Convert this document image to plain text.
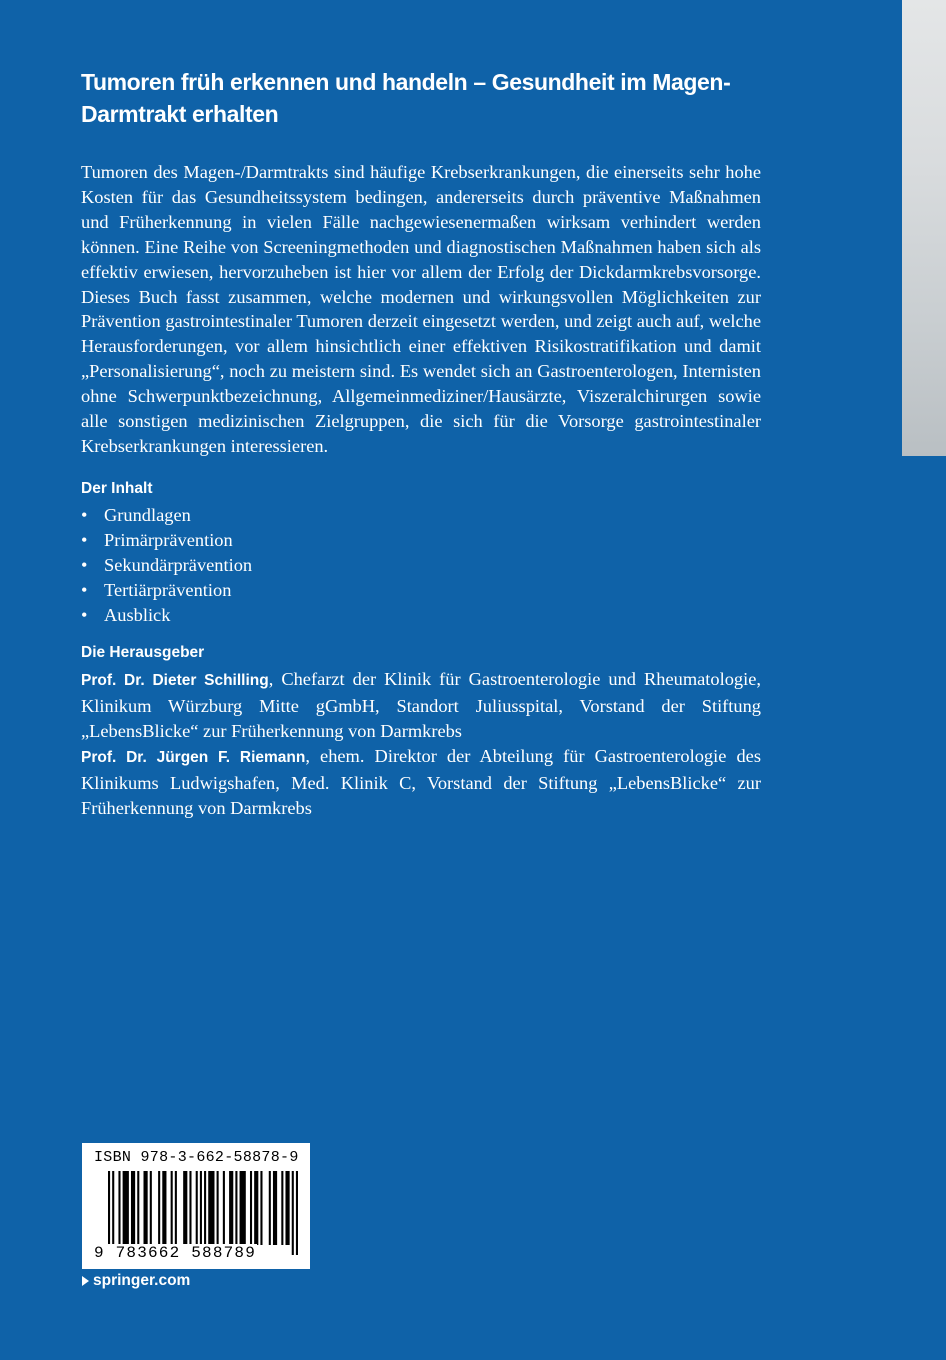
Tumoren früh erkennen und handeln – Gesundheit im Magen-Darmtrakt erhalten

Tumoren des Magen-/Darmtrakts sind häufige Krebserkrankungen, die einerseits sehr hohe Kosten für das Gesundheitssystem bedingen, andererseits durch präventive Maßnahmen und Früherkennung in vielen Fälle nachgewiesenermaßen wirksam verhindert werden können. Eine Reihe von Screeningmethoden und diagnostischen Maßnahmen haben sich als effektiv erwiesen, hervorzuheben ist hier vor allem der Erfolg der Dickdarmkrebsvorsorge. Dieses Buch fasst zusammen, welche modernen und wirkungsvollen Möglichkeiten zur Prävention gastrointestinaler Tumoren derzeit eingesetzt werden, und zeigt auch auf, welche Herausforderungen, vor allem hinsichtlich einer effektiven Risikostratifikation und damit „Personalisierung“, noch zu meistern sind. Es wendet sich an Gastroenterologen, Internisten ohne Schwerpunktbezeichnung, Allgemeinmediziner/Hausärzte, Viszeralchirurgen sowie alle sonstigen medizinischen Zielgruppen, die sich für die Vorsorge gastrointestinaler Krebserkrankungen interessieren.

Der Inhalt
• Grundlagen
• Primärprävention
• Sekundärprävention
• Tertiärprävention
• Ausblick
Die Herausgeber

Prof. Dr. Dieter Schilling, Chefarzt der Klinik für Gastroenterologie und Rheumatologie, Klinikum Würzburg Mitte gGmbH, Standort Juliusspital, Vorstand der Stiftung „LebensBlicke“ zur Früherkennung von Darmkrebs

Prof. Dr. Jürgen F. Riemann, ehem. Direktor der Abteilung für Gastroenterologie des Klinikums Ludwigshafen, Med. Klinik C, Vorstand der Stiftung „LebensBlicke“ zur Früherkennung von Darmkrebs

ISBN 978-3-662-58878-9
9 783662 588789
springer.com
